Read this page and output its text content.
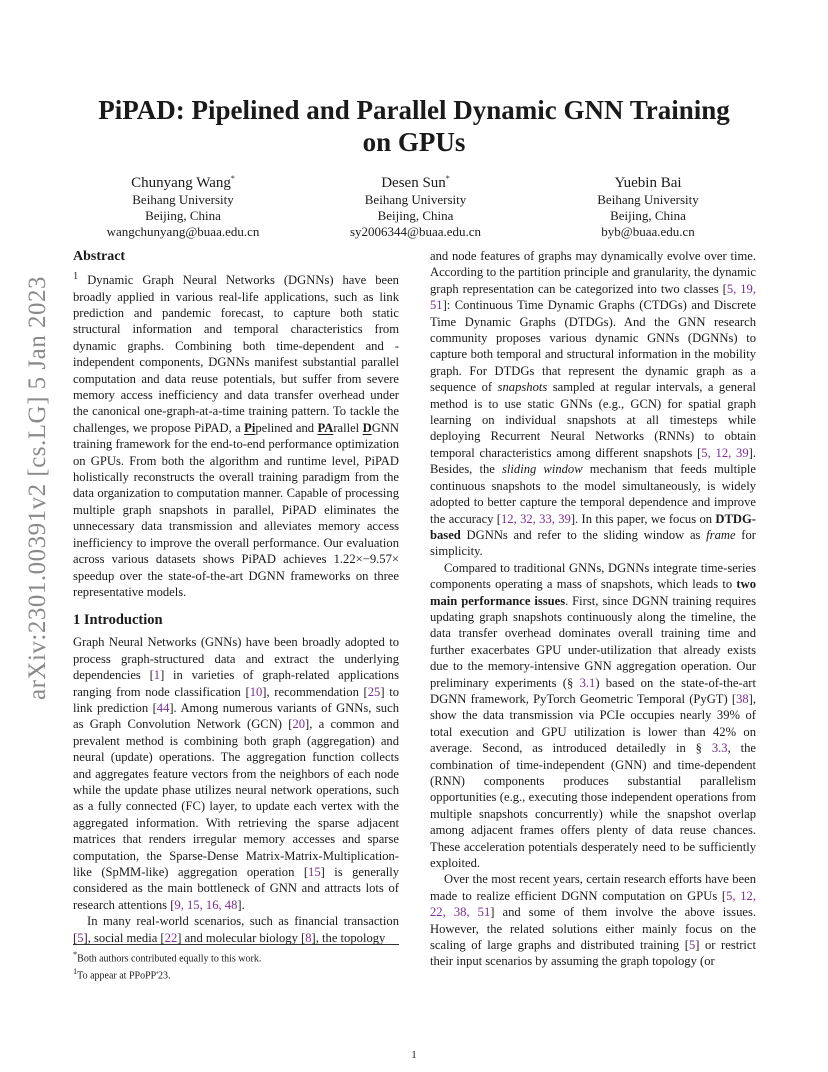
arXiv:2301.00391v2 [cs.LG] 5 Jan 2023
PiPAD: Pipelined and Parallel Dynamic GNN Training on GPUs
Chunyang Wang*
Beihang University
Beijing, China
wangchunyang@buaa.edu.cn
Desen Sun*
Beihang University
Beijing, China
sy2006344@buaa.edu.cn
Yuebin Bai
Beihang University
Beijing, China
byb@buaa.edu.cn
Abstract

$^1$ Dynamic Graph Neural Networks (DGNNs) have been broadly applied in various real-life applications, such as link prediction and pandemic forecast, to capture both static structural information and temporal characteristics from dynamic graphs. Combining both time-dependent and -independent components, DGNNs manifest substantial parallel computation and data reuse potentials, but suffer from severe memory access inefficiency and data transfer overhead under the canonical one-graph-at-a-time training pattern. To tackle the challenges, we propose PiPAD, a Pipelined and PArallel DGNN training framework for the end-to-end performance optimization on GPUs. From both the algorithm and runtime level, PiPAD holistically reconstructs the overall training paradigm from the data organization to computation manner. Capable of processing multiple graph snapshots in parallel, PiPAD eliminates the unnecessary data transmission and alleviates memory access inefficiency to improve the overall performance. Our evaluation across various datasets shows PiPAD achieves 1.22×−9.57× speedup over the state-of-the-art DGNN frameworks on three representative models.

1 Introduction

Graph Neural Networks (GNNs) have been broadly adopted to process graph-structured data and extract the underlying dependencies [1] in varieties of graph-related applications ranging from node classification [10], recommendation [25] to link prediction [44]. Among numerous variants of GNNs, such as Graph Convolution Network (GCN) [20], a common and prevalent method is combining both graph (aggregation) and neural (update) operations. The aggregation function collects and aggregates feature vectors from the neighbors of each node while the update phase utilizes neural network operations, such as a fully connected (FC) layer, to update each vertex with the aggregated information. With retrieving the sparse adjacent matrices that renders irregular memory accesses and sparse computation, the Sparse-Dense Matrix-Matrix-Multiplication-like (SpMM-like) aggregation operation [15] is generally considered as the main bottleneck of GNN and attracts lots of research attentions [9, 15, 16, 48].

In many real-world scenarios, such as financial transaction [5], social media [22] and molecular biology [8], the topology

*Both authors contributed equally to this work.

$^1$To appear at PPoPP'23.

and node features of graphs may dynamically evolve over time. According to the partition principle and granularity, the dynamic graph representation can be categorized into two classes [5, 19, 51]: Continuous Time Dynamic Graphs (CTDGs) and Discrete Time Dynamic Graphs (DTDGs). And the GNN research community proposes various dynamic GNNs (DGNNs) to capture both temporal and structural information in the mobility graph. For DTDGs that represent the dynamic graph as a sequence of snapshots sampled at regular intervals, a general method is to use static GNNs (e.g., GCN) for spatial graph learning on individual snapshots at all timesteps while deploying Recurrent Neural Networks (RNNs) to obtain temporal characteristics among different snapshots [5, 12, 39]. Besides, the sliding window mechanism that feeds multiple continuous snapshots to the model simultaneously, is widely adopted to better capture the temporal dependence and improve the accuracy [12, 32, 33, 39]. In this paper, we focus on DTDG-based DGNNs and refer to the sliding window as frame for simplicity.

Compared to traditional GNNs, DGNNs integrate time-series components operating a mass of snapshots, which leads to two main performance issues. First, since DGNN training requires updating graph snapshots continuously along the timeline, the data transfer overhead dominates overall training time and further exacerbates GPU under-utilization that already exists due to the memory-intensive GNN aggregation operation. Our preliminary experiments (§ 3.1) based on the state-of-the-art DGNN framework, PyTorch Geometric Temporal (PyGT) [38], show the data transmission via PCIe occupies nearly 39% of total execution and GPU utilization is lower than 42% on average. Second, as introduced detailedly in § 3.3, the combination of time-independent (GNN) and time-dependent (RNN) components produces substantial parallelism opportunities (e.g., executing those independent operations from multiple snapshots concurrently) while the snapshot overlap among adjacent frames offers plenty of data reuse chances. These acceleration potentials desperately need to be sufficiently exploited.

Over the most recent years, certain research efforts have been made to realize efficient DGNN computation on GPUs [5, 12, 22, 38, 51] and some of them involve the above issues. However, the related solutions either mainly focus on the scaling of large graphs and distributed training [5] or restrict their input scenarios by assuming the graph topology (or

1
